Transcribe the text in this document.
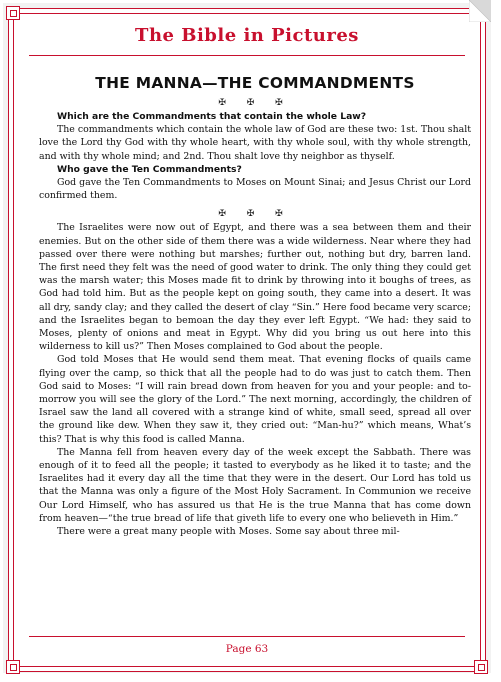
The Bible in Pictures
THE MANNA—THE COMMANDMENTS
✠ ✠ ✠

Which are the Commandments that contain the whole Law?

The commandments which contain the whole law of God are these two: 1st. Thou shalt love the Lord thy God with thy whole heart, with thy whole soul, with thy whole strength, and with thy whole mind; and 2nd. Thou shalt love thy neighbor as thyself.

Who gave the Ten Commandments?

God gave the Ten Commandments to Moses on Mount Sinai; and Jesus Christ our Lord confirmed them.

✠ ✠ ✠

The Israelites were now out of Egypt, and there was a sea between them and their enemies. But on the other side of them there was a wide wilderness. Near where they had passed over there were nothing but marshes; further out, nothing but dry, barren land. The first need they felt was the need of good water to drink. The only thing they could get was the marsh water; this Moses made fit to drink by throwing into it boughs of trees, as God had told him. But as the people kept on going south, they came into a desert. It was all dry, sandy clay; and they called the desert of clay “Sin.” Here food became very scarce; and the Israelites began to bemoan the day they ever left Egypt. “We had: they said to Moses, plenty of onions and meat in Egypt. Why did you bring us out here into this wilderness to kill us?” Then Moses complained to God about the people.

God told Moses that He would send them meat. That evening flocks of quails came flying over the camp, so thick that all the people had to do was just to catch them. Then God said to Moses: “I will rain bread down from heaven for you and your people: and to-morrow you will see the glory of the Lord.” The next morning, accordingly, the children of Israel saw the land all covered with a strange kind of white, small seed, spread all over the ground like dew. When they saw it, they cried out: “Man-hu?” which means, What’s this? That is why this food is called Manna.

The Manna fell from heaven every day of the week except the Sabbath. There was enough of it to feed all the people; it tasted to everybody as he liked it to taste; and the Israelites had it every day all the time that they were in the desert. Our Lord has told us that the Manna was only a figure of the Most Holy Sacrament. In Communion we receive Our Lord Himself, who has assured us that He is the true Manna that has come down from heaven—“the true bread of life that giveth life to every one who believeth in Him.”

There were a great many people with Moses. Some say about three mil-

Page 63
